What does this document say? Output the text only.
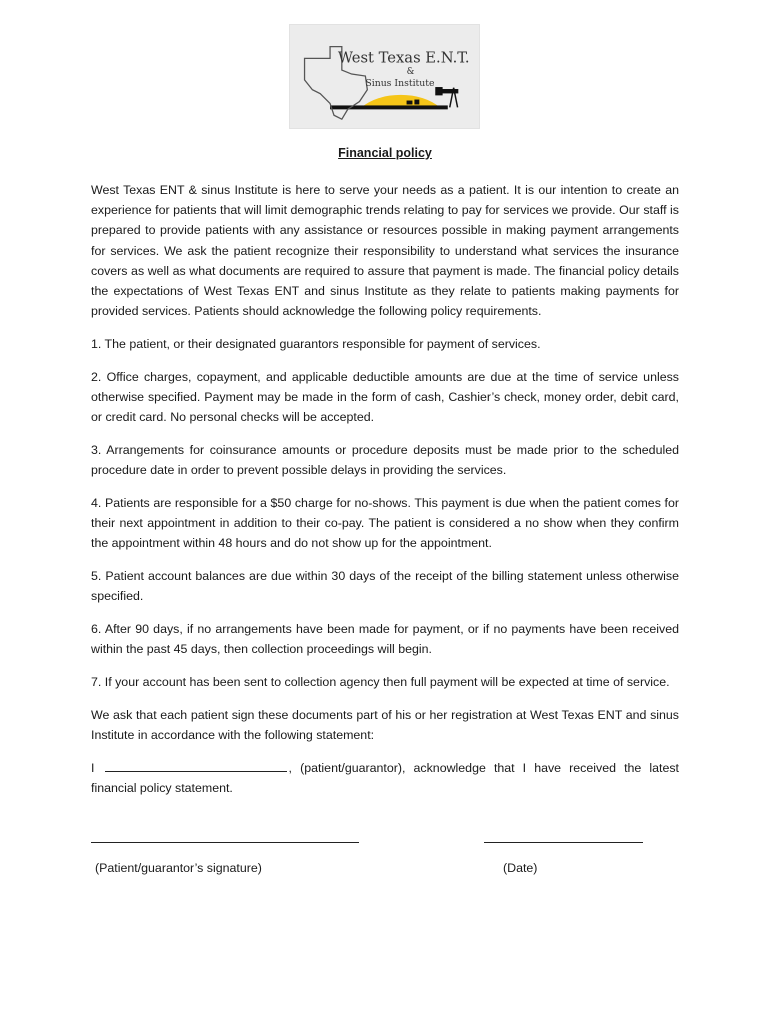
West Texas E.N.T.
&
Sinus Institute
Financial policy

West Texas ENT & sinus Institute is here to serve your needs as a patient. It is our intention to create an experience for patients that will limit demographic trends relating to pay for services we provide. Our staff is prepared to provide patients with any assistance or resources possible in making payment arrangements for services. We ask the patient recognize their responsibility to understand what services the insurance covers as well as what documents are required to assure that payment is made. The financial policy details the expectations of West Texas ENT and sinus Institute as they relate to patients making payments for provided services. Patients should acknowledge the following policy requirements.

1. The patient, or their designated guarantors responsible for payment of services.

2. Office charges, copayment, and applicable deductible amounts are due at the time of service unless otherwise specified. Payment may be made in the form of cash, Cashier’s check, money order, debit card, or credit card. No personal checks will be accepted.

3. Arrangements for coinsurance amounts or procedure deposits must be made prior to the scheduled procedure date in order to prevent possible delays in providing the services.

4. Patients are responsible for a $50 charge for no-shows. This payment is due when the patient comes for their next appointment in addition to their co-pay. The patient is considered a no show when they confirm the appointment within 48 hours and do not show up for the appointment.

5. Patient account balances are due within 30 days of the receipt of the billing statement unless otherwise specified.

6. After 90 days, if no arrangements have been made for payment, or if no payments have been received within the past 45 days, then collection proceedings will begin.

7. If your account has been sent to collection agency then full payment will be expected at time of service.

We ask that each patient sign these documents part of his or her registration at West Texas ENT and sinus Institute in accordance with the following statement:

I	, (patient/guarantor), acknowledge that I have received the latest financial policy statement.

(Patient/guarantor’s signature)	(Date)
